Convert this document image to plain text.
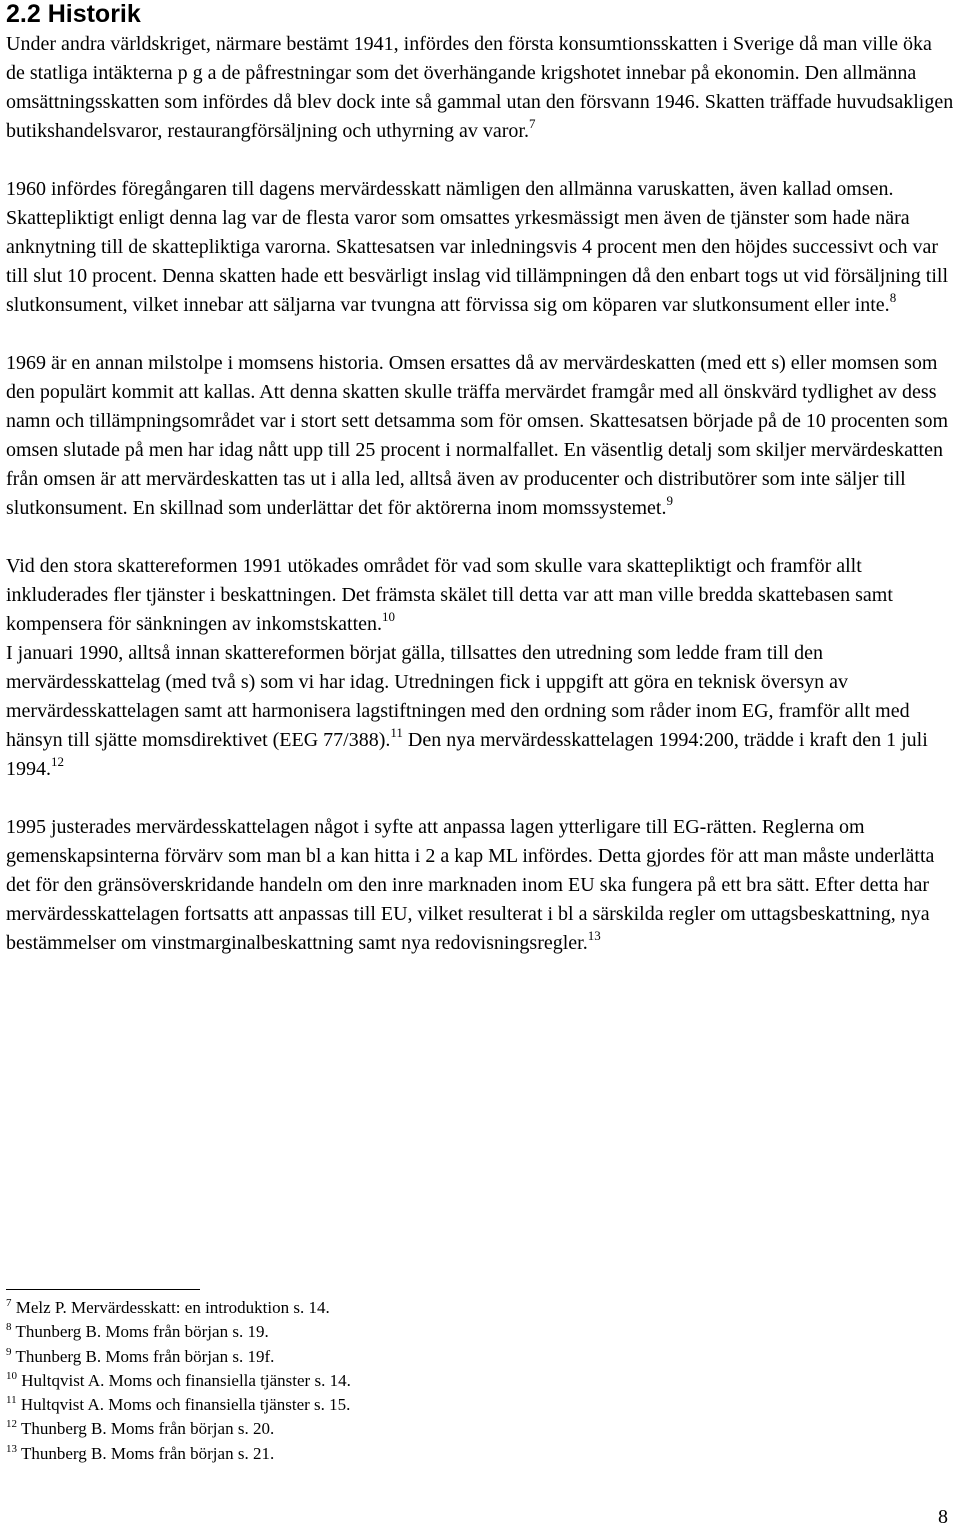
2.2 Historik

Under andra världskriget, närmare bestämt 1941, infördes den första konsumtionsskatten i Sverige då man ville öka de statliga intäkterna p g a de påfrestningar som det överhängande krigshotet innebar på ekonomin. Den allmänna omsättningsskatten som infördes då blev dock inte så gammal utan den försvann 1946. Skatten träffade huvudsakligen butikshandelsvaror, restaurangförsäljning och uthyrning av varor.$^7$

1960 infördes föregångaren till dagens mervärdesskatt nämligen den allmänna varuskatten, även kallad omsen. Skattepliktigt enligt denna lag var de flesta varor som omsattes yrkesmässigt men även de tjänster som hade nära anknytning till de skattepliktiga varorna. Skattesatsen var inledningsvis 4 procent men den höjdes successivt och var till slut 10 procent. Denna skatten hade ett besvärligt inslag vid tillämpningen då den enbart togs ut vid försäljning till slutkonsument, vilket innebar att säljarna var tvungna att förvissa sig om köparen var slutkonsument eller inte.$^8$

1969 är en annan milstolpe i momsens historia. Omsen ersattes då av mervärdeskatten (med ett s) eller momsen som den populärt kommit att kallas. Att denna skatten skulle träffa mervärdet framgår med all önskvärd tydlighet av dess namn och tillämpningsområdet var i stort sett detsamma som för omsen. Skattesatsen började på de 10 procenten som omsen slutade på men har idag nått upp till 25 procent i normalfallet. En väsentlig detalj som skiljer mervärdeskatten från omsen är att mervärdeskatten tas ut i alla led, alltså även av producenter och distributörer som inte säljer till slutkonsument. En skillnad som underlättar det för aktörerna inom momssystemet.$^9$

Vid den stora skattereformen 1991 utökades området för vad som skulle vara skattepliktigt och framför allt inkluderades fler tjänster i beskattningen. Det främsta skälet till detta var att man ville bredda skattebasen samt kompensera för sänkningen av inkomstskatten.$^{10}$

I januari 1990, alltså innan skattereformen börjat gälla, tillsattes den utredning som ledde fram till den mervärdesskattelag (med två s) som vi har idag. Utredningen fick i uppgift att göra en teknisk översyn av mervärdesskattelagen samt att harmonisera lagstiftningen med den ordning som råder inom EG, framför allt med hänsyn till sjätte momsdirektivet (EEG 77/388).$^{11}$ Den nya mervärdesskattelagen 1994:200, trädde i kraft den 1 juli 1994.12

1995 justerades mervärdesskattelagen något i syfte att anpassa lagen ytterligare till EG-rätten. Reglerna om gemenskapsinterna förvärv som man bl a kan hitta i 2 a kap ML infördes. Detta gjordes för att man måste underlätta det för den gränsöverskridande handeln om den inre marknaden inom EU ska fungera på ett bra sätt. Efter detta har mervärdesskattelagen fortsatts att anpassas till EU, vilket resulterat i bl a särskilda regler om uttagsbeskattning, nya bestämmelser om vinstmarginalbeskattning samt nya redovisningsregler.$^{13}$

$^7$ Melz P. Mervärdesskatt: en introduktion s. 14.

$^8$ Thunberg B. Moms från början s. 19.

$^9$ Thunberg B. Moms från början s. 19f.

$^{10}$ Hultqvist A. Moms och finansiella tjänster s. 14.

$^{11}$ Hultqvist A. Moms och finansiella tjänster s. 15.

$^{12}$ Thunberg B. Moms från början s. 20.

$^{13}$ Thunberg B. Moms från början s. 21.

8
